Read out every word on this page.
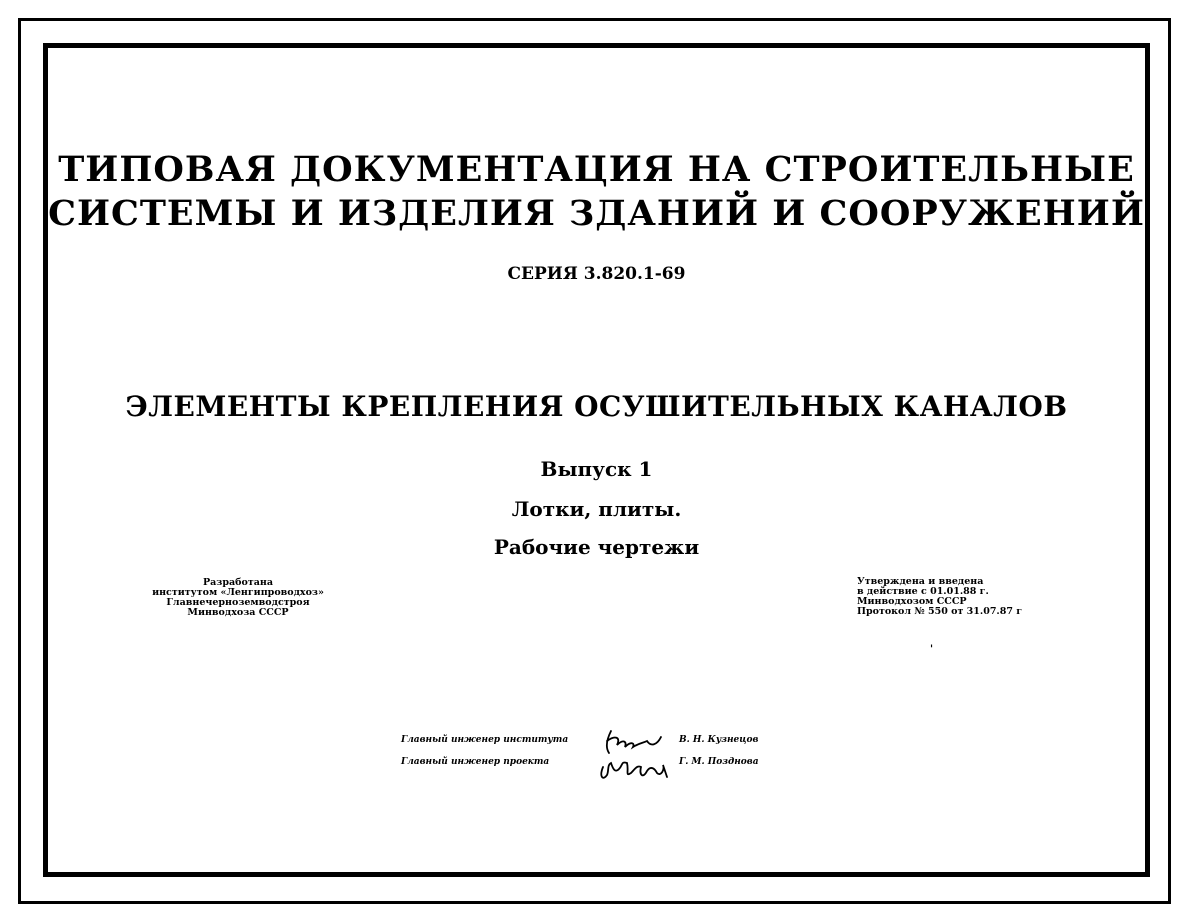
ТИПОВАЯ ДОКУМЕНТАЦИЯ НА СТРОИТЕЛЬНЫЕ
СИСТЕМЫ И ИЗДЕЛИЯ ЗДАНИЙ И СООРУЖЕНИЙ
СЕРИЯ 3.820.1-69
ЭЛЕМЕНТЫ КРЕПЛЕНИЯ ОСУШИТЕЛЬНЫХ КАНАЛОВ
Выпуск 1
Лотки, плиты.
Рабочие чертежи
Разработана
институтом «Ленгипроводхоз»
Главнечерноземводстроя
Минводхоза СССР
Утверждена и введена
в действие с 01.01.88 г.
Минводхозом СССР
Протокол № 550 от 31.07.87 г
'
Главный инженер института
Главный инженер проекта
В. Н. Кузнецов
Г. М. Позднова
